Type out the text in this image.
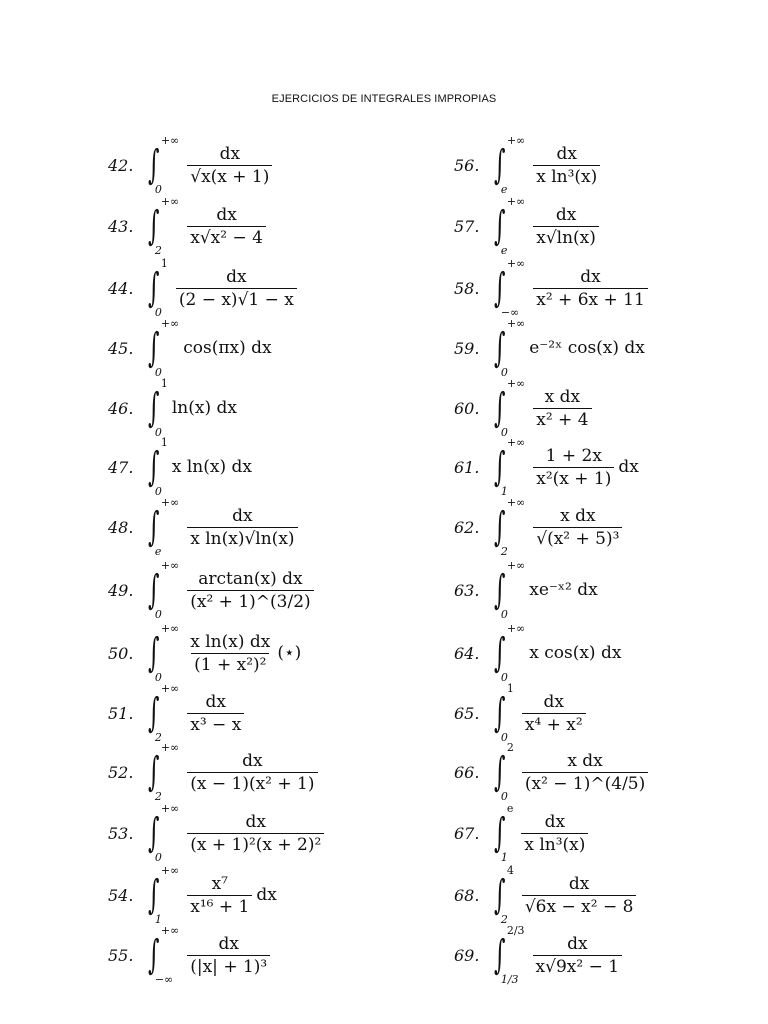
EJERCICIOS DE INTEGRALES IMPROPIAS
42. ∫
+∞
0
$\frac{dx}{√x(x + 1)}$
43. ∫
+∞
2
$\frac{dx}{\text{x√x² − 4}}$
44. ∫
1
0
$\frac{dx}{(2 - x)√1 - x}$
45. ∫
+∞
0
cos(πx) dx
46. ∫
1
0
ln(x) dx
47. ∫
1
0
x ln(x) dx
48. ∫
+∞
e
$\frac{dx}{\text{x ln(x)√ln(x)}}$
49. ∫
+∞
0
$\frac{\arctan(x) dx}{\text{(x² + 1)\textasciicircum{}(3/2)}}$
50. ∫
+∞
0
$\frac{\text{x ln(x) dx}}{\text{(1 + x²)²}}$ (⋆)
51. ∫
+∞
2
$\frac{dx}{\text{x³ − x}}$
52. ∫
+∞
2
$\frac{dx}{\text{(x − 1)(x² + 1)}}$
53. ∫
+∞
0
$\frac{dx}{\text{(x + 1)²(x + 2)²}}$
54. ∫
+∞
1
$\frac{\text{x⁷}}{\text{x¹⁶ + 1}}$ dx
55. ∫
+∞
−∞
$\frac{dx}{\text{(|x| + 1)³}}$
56. ∫
+∞
e
$\frac{dx}{\text{x ln³(x)}}$
57. ∫
+∞
e
$\frac{dx}{x√\ln(x)}$
58. ∫
+∞
−∞
$\frac{dx}{\text{x² + 6x + 11}}$
59. ∫
+∞
0
e⁻²ˣ cos(x) dx
60. ∫
+∞
0
$\frac{\text{x dx}}{\text{x² + 4}}$
61. ∫
+∞
1
$\frac{1 + 2x}{\text{x²(x + 1)}}$ dx
62. ∫
+∞
2
$\frac{\text{x dx}}{\text{√(x² + 5)³}}$
63. ∫
+∞
0
xe⁻ˣ² dx
64. ∫
+∞
0
x cos(x) dx
65. ∫
1
0
$\frac{dx}{\text{x⁴ + x²}}$
66. ∫
2
0
$\frac{\text{x dx}}{\text{(x² − 1)\textasciicircum{}(4/5)}}$
67. ∫
e
1
$\frac{dx}{\text{x ln³(x)}}$
68. ∫
4
2
$\frac{dx}{\text{√6x − x² − 8}}$
69. ∫
2/3
1/3
$\frac{dx}{\text{x√9x² − 1}}$
